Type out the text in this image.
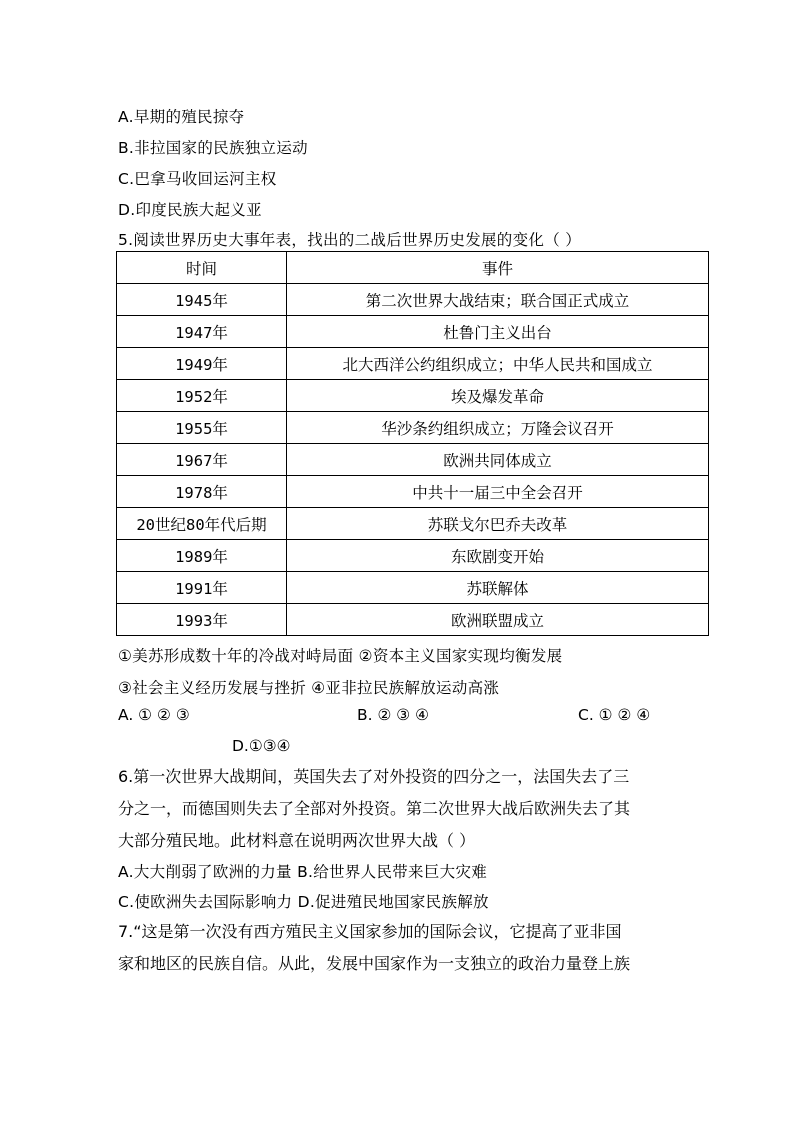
A.早期的殖民掠夺
B.非拉国家的民族独立运动
C.巴拿马收回运河主权
D.印度民族大起义亚
5.阅读世界历史大事年表，找出的二战后世界历史发展的变化（ ）
时间	事件
1945年	第二次世界大战结束；联合国正式成立
1947年	杜鲁门主义出台
1949年	北大西洋公约组织成立；中华人民共和国成立
1952年	埃及爆发革命
1955年	华沙条约组织成立；万隆会议召开
1967年	欧洲共同体成立
1978年	中共十一届三中全会召开
20世纪80年代后期	苏联戈尔巴乔夫改革
1989年	东欧剧变开始
1991年	苏联解体
1993年	欧洲联盟成立
①美苏形成数十年的冷战对峙局面 ②资本主义国家实现均衡发展
③社会主义经历发展与挫折 ④亚非拉民族解放运动高涨
A. ① ② ③	B. ② ③ ④	C. ① ② ④
D.①③④
6.第一次世界大战期间，英国失去了对外投资的四分之一，法国失去了三
分之一，而德国则失去了全部对外投资。第二次世界大战后欧洲失去了其
大部分殖民地。此材料意在说明两次世界大战（ ）
A.大大削弱了欧洲的力量 B.给世界人民带来巨大灾难
C.使欧洲失去国际影响力 D.促进殖民地国家民族解放
7.“这是第一次没有西方殖民主义国家参加的国际会议，它提高了亚非国
家和地区的民族自信。从此，发展中国家作为一支独立的政治力量登上族
